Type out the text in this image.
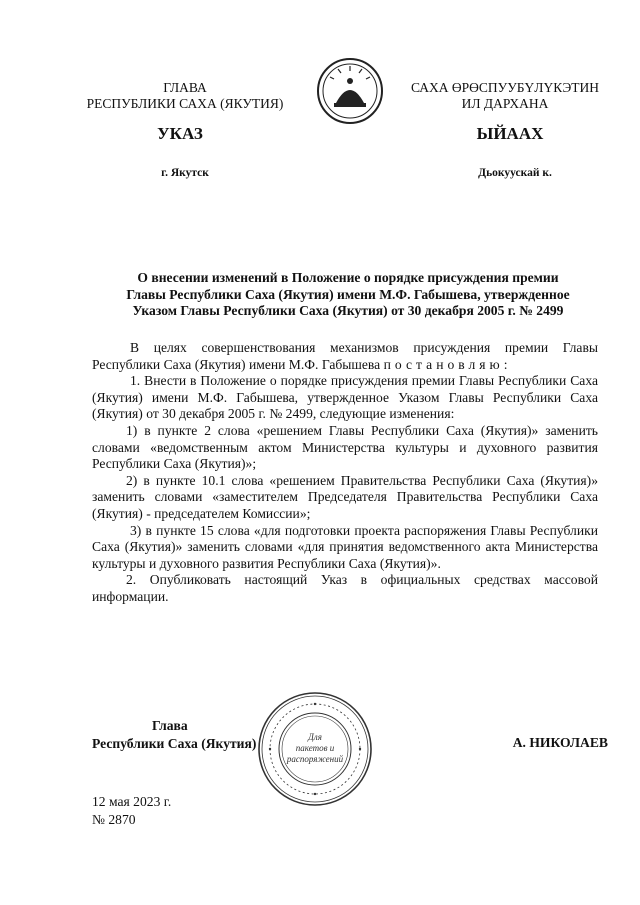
ГЛАВА
РЕСПУБЛИКИ САХА (ЯКУТИЯ)
САХА ӨРӨСПУУБҮЛҮКЭТИН
ИЛ ДАРХАНА
УКАЗ	ЫЙААХ
г. Якутск	Дьокуускай к.
О внесении изменений в Положение о порядке присуждения премии
Главы Республики Саха (Якутия) имени М.Ф. Габышева, утвержденное
Указом Главы Республики Саха (Якутия) от 30 декабря 2005 г. № 2499

В целях совершенствования механизмов присуждения премии Главы Республики Саха (Якутия) имени М.Ф. Габышева постановляю:

1. Внести в Положение о порядке присуждения премии Главы Республики Саха (Якутия) имени М.Ф. Габышева, утвержденное Указом Главы Республики Саха (Якутия) от 30 декабря 2005 г. № 2499, следующие изменения:

1) в пункте 2 слова «решением Главы Республики Саха (Якутия)» заменить словами «ведомственным актом Министерства культуры и духовного развития Республики Саха (Якутия)»;

2) в пункте 10.1 слова «решением Правительства Республики Саха (Якутия)» заменить словами «заместителем Председателя Правительства Республики Саха (Якутия) - председателем Комиссии»;

3) в пункте 15 слова «для подготовки проекта распоряжения Главы Республики Саха (Якутия)» заменить словами «для принятия ведомственного акта Министерства культуры и духовного развития Республики Саха (Якутия)».

2. Опубликовать настоящий Указ в официальных средствах массовой информации.

Глава
Республики Саха (Якутия)	Для
пакетов и
распоряжений
А. НИКОЛАЕВ
12 мая 2023 г.
№ 2870
